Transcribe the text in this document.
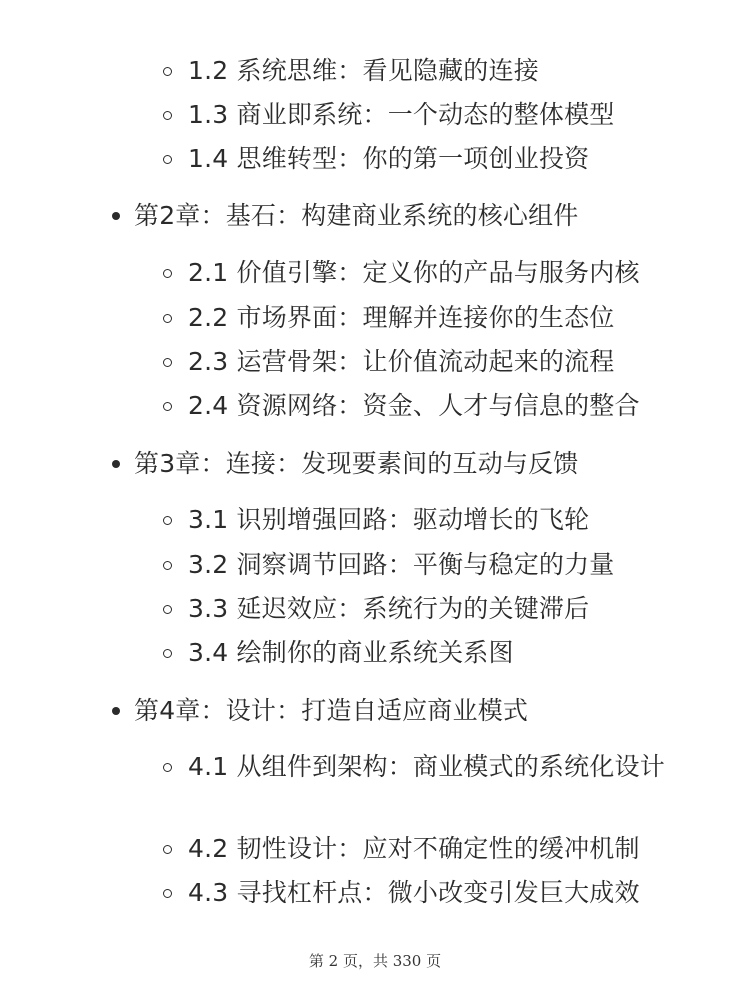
1.2 系统思维：看见隐藏的连接
1.3 商业即系统：一个动态的整体模型
1.4 思维转型：你的第一项创业投资
第2章：基石：构建商业系统的核心组件
2.1 价值引擎：定义你的产品与服务内核
2.2 市场界面：理解并连接你的生态位
2.3 运营骨架：让价值流动起来的流程
2.4 资源网络：资金、人才与信息的整合
第3章：连接：发现要素间的互动与反馈
3.1 识别增强回路：驱动增长的飞轮
3.2 洞察调节回路：平衡与稳定的力量
3.3 延迟效应：系统行为的关键滞后
3.4 绘制你的商业系统关系图
第4章：设计：打造自适应商业模式
4.1 从组件到架构：商业模式的系统化设计
4.2 韧性设计：应对不确定性的缓冲机制
4.3 寻找杠杆点：微小改变引发巨大成效
第 2 页，共 330 页
